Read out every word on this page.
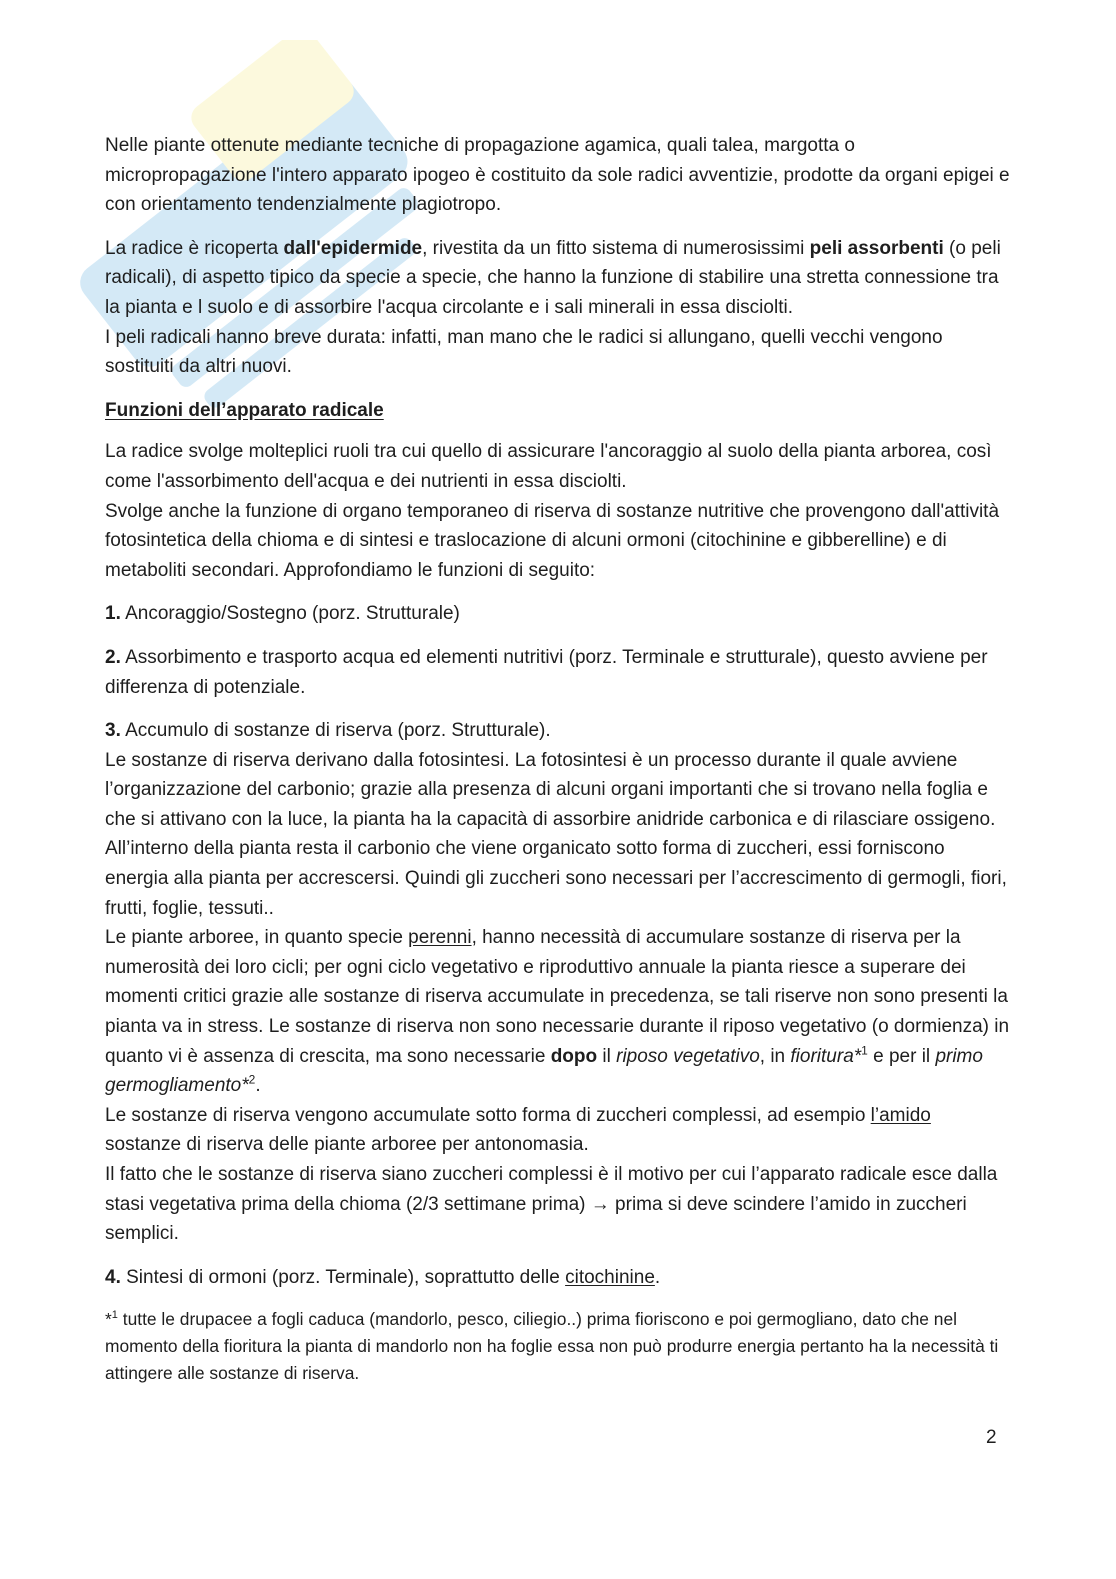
Nelle piante ottenute mediante tecniche di propagazione agamica, quali talea, margotta o micropropagazione l'intero apparato ipogeo è costituito da sole radici avventizie, prodotte da organi epigei e con orientamento tendenzialmente plagiotropo.

La radice è ricoperta dall'epidermide, rivestita da un fitto sistema di numerosissimi peli assorbenti (o peli radicali), di aspetto tipico da specie a specie, che hanno la funzione di stabilire una stretta connessione tra la pianta e l suolo e di assorbire l'acqua circolante e i sali minerali in essa disciolti.
I peli radicali hanno breve durata: infatti, man mano che le radici si allungano, quelli vecchi vengono sostituiti da altri nuovi.

Funzioni dell’apparato radicale

La radice svolge molteplici ruoli tra cui quello di assicurare l'ancoraggio al suolo della pianta arborea, così come l'assorbimento dell'acqua e dei nutrienti in essa disciolti.
Svolge anche la funzione di organo temporaneo di riserva di sostanze nutritive che provengono dall'attività fotosintetica della chioma e di sintesi e traslocazione di alcuni ormoni (citochinine e gibberelline) e di metaboliti secondari. Approfondiamo le funzioni di seguito:

1. Ancoraggio/Sostegno (porz. Strutturale)

2. Assorbimento e trasporto acqua ed elementi nutritivi (porz. Terminale e strutturale), questo avviene per differenza di potenziale.

3. Accumulo di sostanze di riserva (porz. Strutturale).
Le sostanze di riserva derivano dalla fotosintesi. La fotosintesi è un processo durante il quale avviene l’organizzazione del carbonio; grazie alla presenza di alcuni organi importanti che si trovano nella foglia e che si attivano con la luce, la pianta ha la capacità di assorbire anidride carbonica e di rilasciare ossigeno.
All’interno della pianta resta il carbonio che viene organicato sotto forma di zuccheri, essi forniscono energia alla pianta per accrescersi. Quindi gli zuccheri sono necessari per l’accrescimento di germogli, fiori, frutti, foglie, tessuti..
Le piante arboree, in quanto specie perenni, hanno necessità di accumulare sostanze di riserva per la numerosità dei loro cicli; per ogni ciclo vegetativo e riproduttivo annuale la pianta riesce a superare dei momenti critici grazie alle sostanze di riserva accumulate in precedenza, se tali riserve non sono presenti la pianta va in stress. Le sostanze di riserva non sono necessarie durante il riposo vegetativo (o dormienza) in quanto vi è assenza di crescita, ma sono necessarie dopo il riposo vegetativo, in fioritura*$^1$ e per il primo germogliamento*$^2$.
Le sostanze di riserva vengono accumulate sotto forma di zuccheri complessi, ad esempio l’amido sostanze di riserva delle piante arboree per antonomasia.
Il fatto che le sostanze di riserva siano zuccheri complessi è il motivo per cui l’apparato radicale esce dalla stasi vegetativa prima della chioma (2/3 settimane prima) → prima si deve scindere l’amido in zuccheri semplici.

4. Sintesi di ormoni (porz. Terminale), soprattutto delle citochinine.

*$^1$ tutte le drupacee a fogli caduca (mandorlo, pesco, ciliegio..) prima fioriscono e poi germogliano, dato che nel momento della fioritura la pianta di mandorlo non ha foglie essa non può produrre energia pertanto ha la necessità ti attingere alle sostanze di riserva.

2
